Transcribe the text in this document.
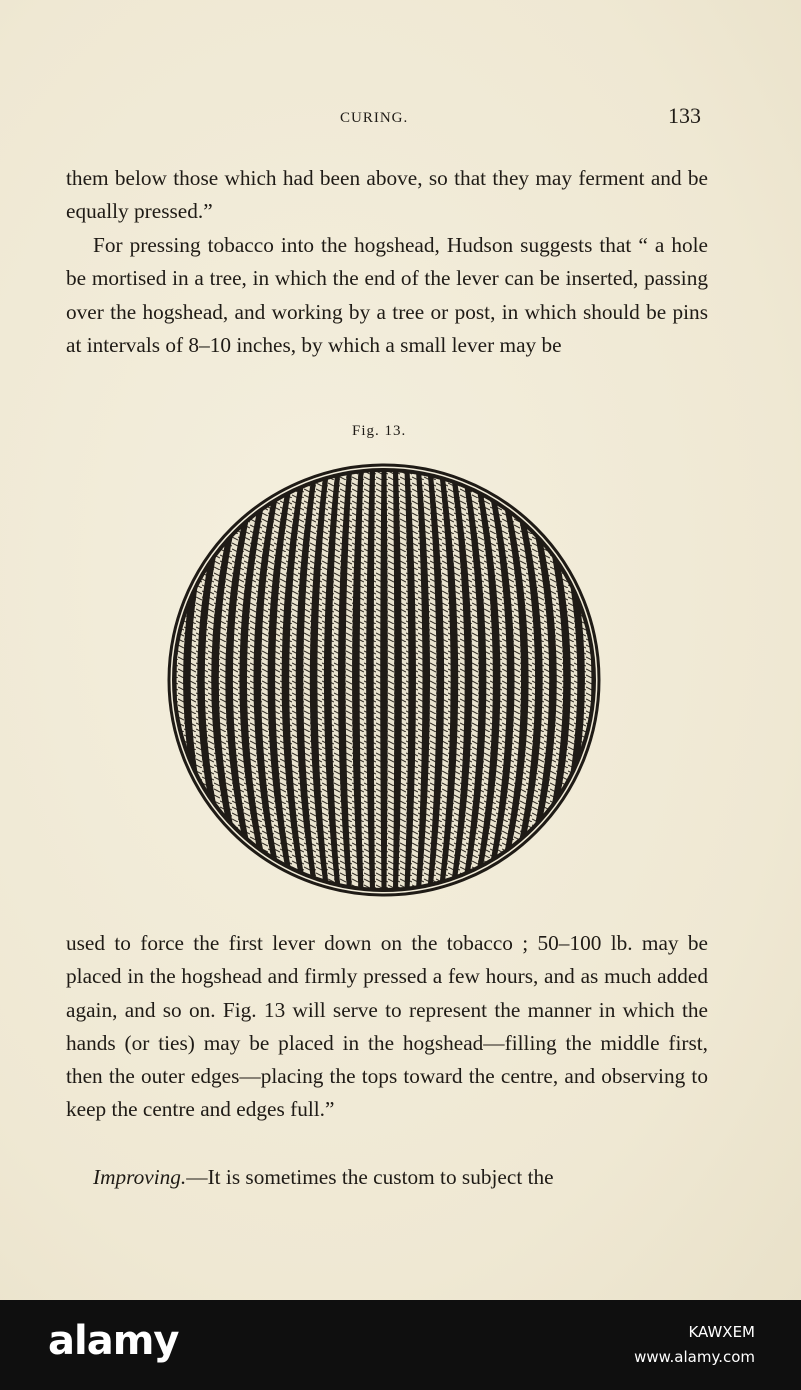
CURING.	133

them below those which had been above, so that they may ferment and be equally pressed.”

For pressing tobacco into the hogshead, Hudson suggests that “ a hole be mortised in a tree, in which the end of the lever can be inserted, passing over the hogshead, and working by a tree or post, in which should be pins at intervals of 8–10 inches, by which a small lever may be

Fig. 13.

used to force the first lever down on the tobacco ; 50–100 lb. may be placed in the hogshead and firmly pressed a few hours, and as much added again, and so on. Fig. 13 will serve to represent the manner in which the hands (or ties) may be placed in the hogshead—filling the middle first, then the outer edges—placing the tops toward the centre, and observing to keep the centre and edges full.”

Improving.—It is sometimes the custom to subject the

alamy	KAWXEM
www.alamy.com
